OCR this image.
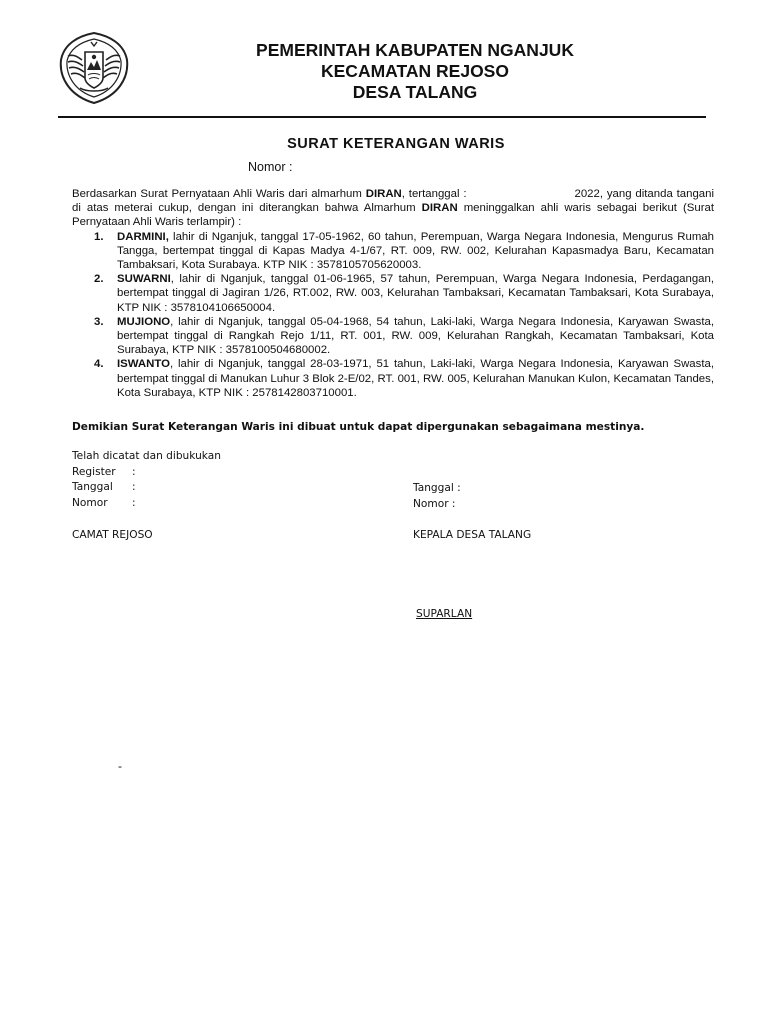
PEMERINTAH KABUPATEN NGANJUK
KECAMATAN REJOSO
DESA TALANG
SURAT KETERANGAN WARIS
Nomor :

Berdasarkan Surat Pernyataan Ahli Waris dari almarhum DIRAN, tertanggal :	2022, yang ditanda tangani di atas meterai cukup, dengan ini diterangkan bahwa Almarhum DIRAN meninggalkan ahli waris sebagai berikut (Surat Pernyataan Ahli Waris terlampir) :

1. DARMINI, lahir di Nganjuk, tanggal 17-05-1962, 60 tahun, Perempuan, Warga Negara Indonesia, Mengurus Rumah Tangga, bertempat tinggal di Kapas Madya 4-1/67, RT. 009, RW. 002, Kelurahan Kapasmadya Baru, Kecamatan Tambaksari, Kota Surabaya. KTP NIK : 3578105705620003.
2. SUWARNI, lahir di Nganjuk, tanggal 01-06-1965, 57 tahun, Perempuan, Warga Negara Indonesia, Perdagangan, bertempat tinggal di Jagiran 1/26, RT.002, RW. 003, Kelurahan Tambaksari, Kecamatan Tambaksari, Kota Surabaya, KTP NIK : 3578104106650004.
3. MUJIONO, lahir di Nganjuk, tanggal 05-04-1968, 54 tahun, Laki-laki, Warga Negara Indonesia, Karyawan Swasta, bertempat tinggal di Rangkah Rejo 1/11, RT. 001, RW. 009, Kelurahan Rangkah, Kecamatan Tambaksari, Kota Surabaya, KTP NIK : 3578100504680002.
4. ISWANTO, lahir di Nganjuk, tanggal 28-03-1971, 51 tahun, Laki-laki, Warga Negara Indonesia, Karyawan Swasta, bertempat tinggal di Manukan Luhur 3 Blok 2-E/02, RT. 001, RW. 005, Kelurahan Manukan Kulon, Kecamatan Tandes, Kota Surabaya, KTP NIK : 2578142803710001.
Demikian Surat Keterangan Waris ini dibuat untuk dapat dipergunakan sebagaimana mestinya.
Telah dicatat dan dibukukan
Register	:
Tanggal	:
Nomor	:
Tanggal :
Nomor :
CAMAT REJOSO	KEPALA DESA TALANG
SUPARLAN
-
